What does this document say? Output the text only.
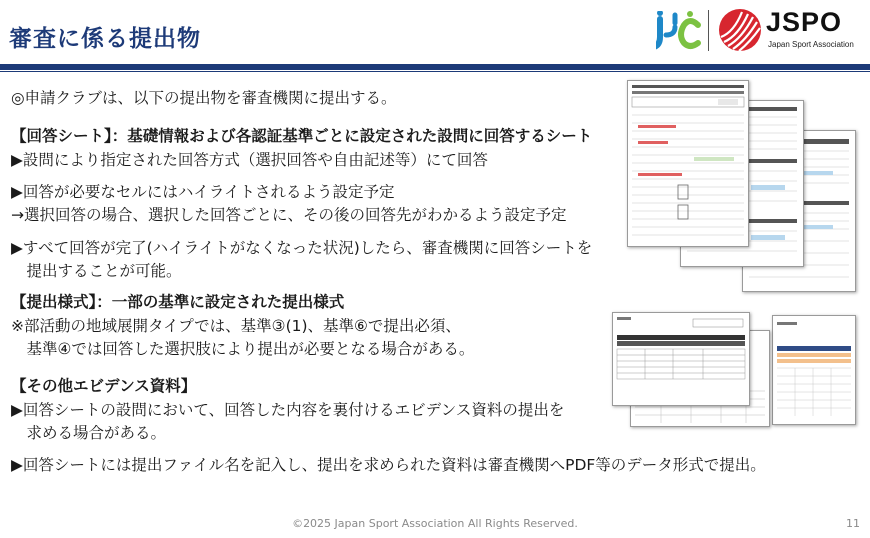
審査に係る提出物
JSPO
Japan Sport Association
◎申請クラブは、以下の提出物を審査機関に提出する。
【回答シート】：基礎情報および各認証基準ごとに設定された設問に回答するシート
▶設問により指定された回答方式（選択回答や自由記述等）にて回答
▶回答が必要なセルにはハイライトされるよう設定予定
→選択回答の場合、選択した回答ごとに、その後の回答先がわかるよう設定予定
▶すべて回答が完了(ハイライトがなくなった状況)したら、審査機関に回答シートを
　提出することが可能。
【提出様式】：一部の基準に設定された提出様式
※部活動の地域展開タイプでは、基準③(1)、基準⑥で提出必須、
　基準④では回答した選択肢により提出が必要となる場合がある。
【その他エビデンス資料】
▶回答シートの設問において、回答した内容を裏付けるエビデンス資料の提出を
　求める場合がある。
▶回答シートには提出ファイル名を記入し、提出を求められた資料は審査機関へPDF等のデータ形式で提出。
©2025 Japan Sport Association All Rights Reserved.	11
